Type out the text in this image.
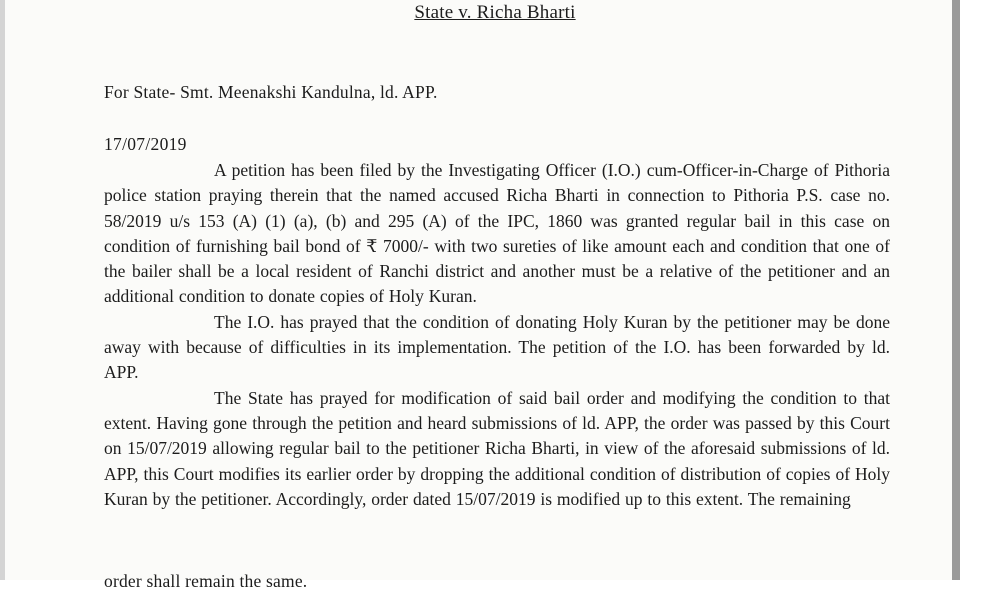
State v. Richa Bharti
For State- Smt. Meenakshi Kandulna, ld. APP.
17/07/2019

A petition has been filed by the Investigating Officer (I.O.) cum-Officer-in-Charge of Pithoria police station praying therein that the named accused Richa Bharti in connection to Pithoria P.S. case no. 58/2019 u/s 153 (A) (1) (a), (b) and 295 (A) of the IPC, 1860 was granted regular bail in this case on condition of furnishing bail bond of ₹ 7000/- with two sureties of like amount each and condition that one of the bailer shall be a local resident of Ranchi district and another must be a relative of the petitioner and an additional condition to donate copies of Holy Kuran.

The I.O. has prayed that the condition of donating Holy Kuran by the petitioner may be done away with because of difficulties in its implementation. The petition of the I.O. has been forwarded by ld. APP.

The State has prayed for modification of said bail order and modifying the condition to that extent. Having gone through the petition and heard submissions of ld. APP, the order was passed by this Court on 15/07/2019 allowing regular bail to the petitioner Richa Bharti, in view of the aforesaid submissions of ld. APP, this Court modifies its earlier order by dropping the additional condition of distribution of copies of Holy Kuran by the petitioner. Accordingly, order dated 15/07/2019 is modified up to this extent. The remaining

order shall remain the same.
